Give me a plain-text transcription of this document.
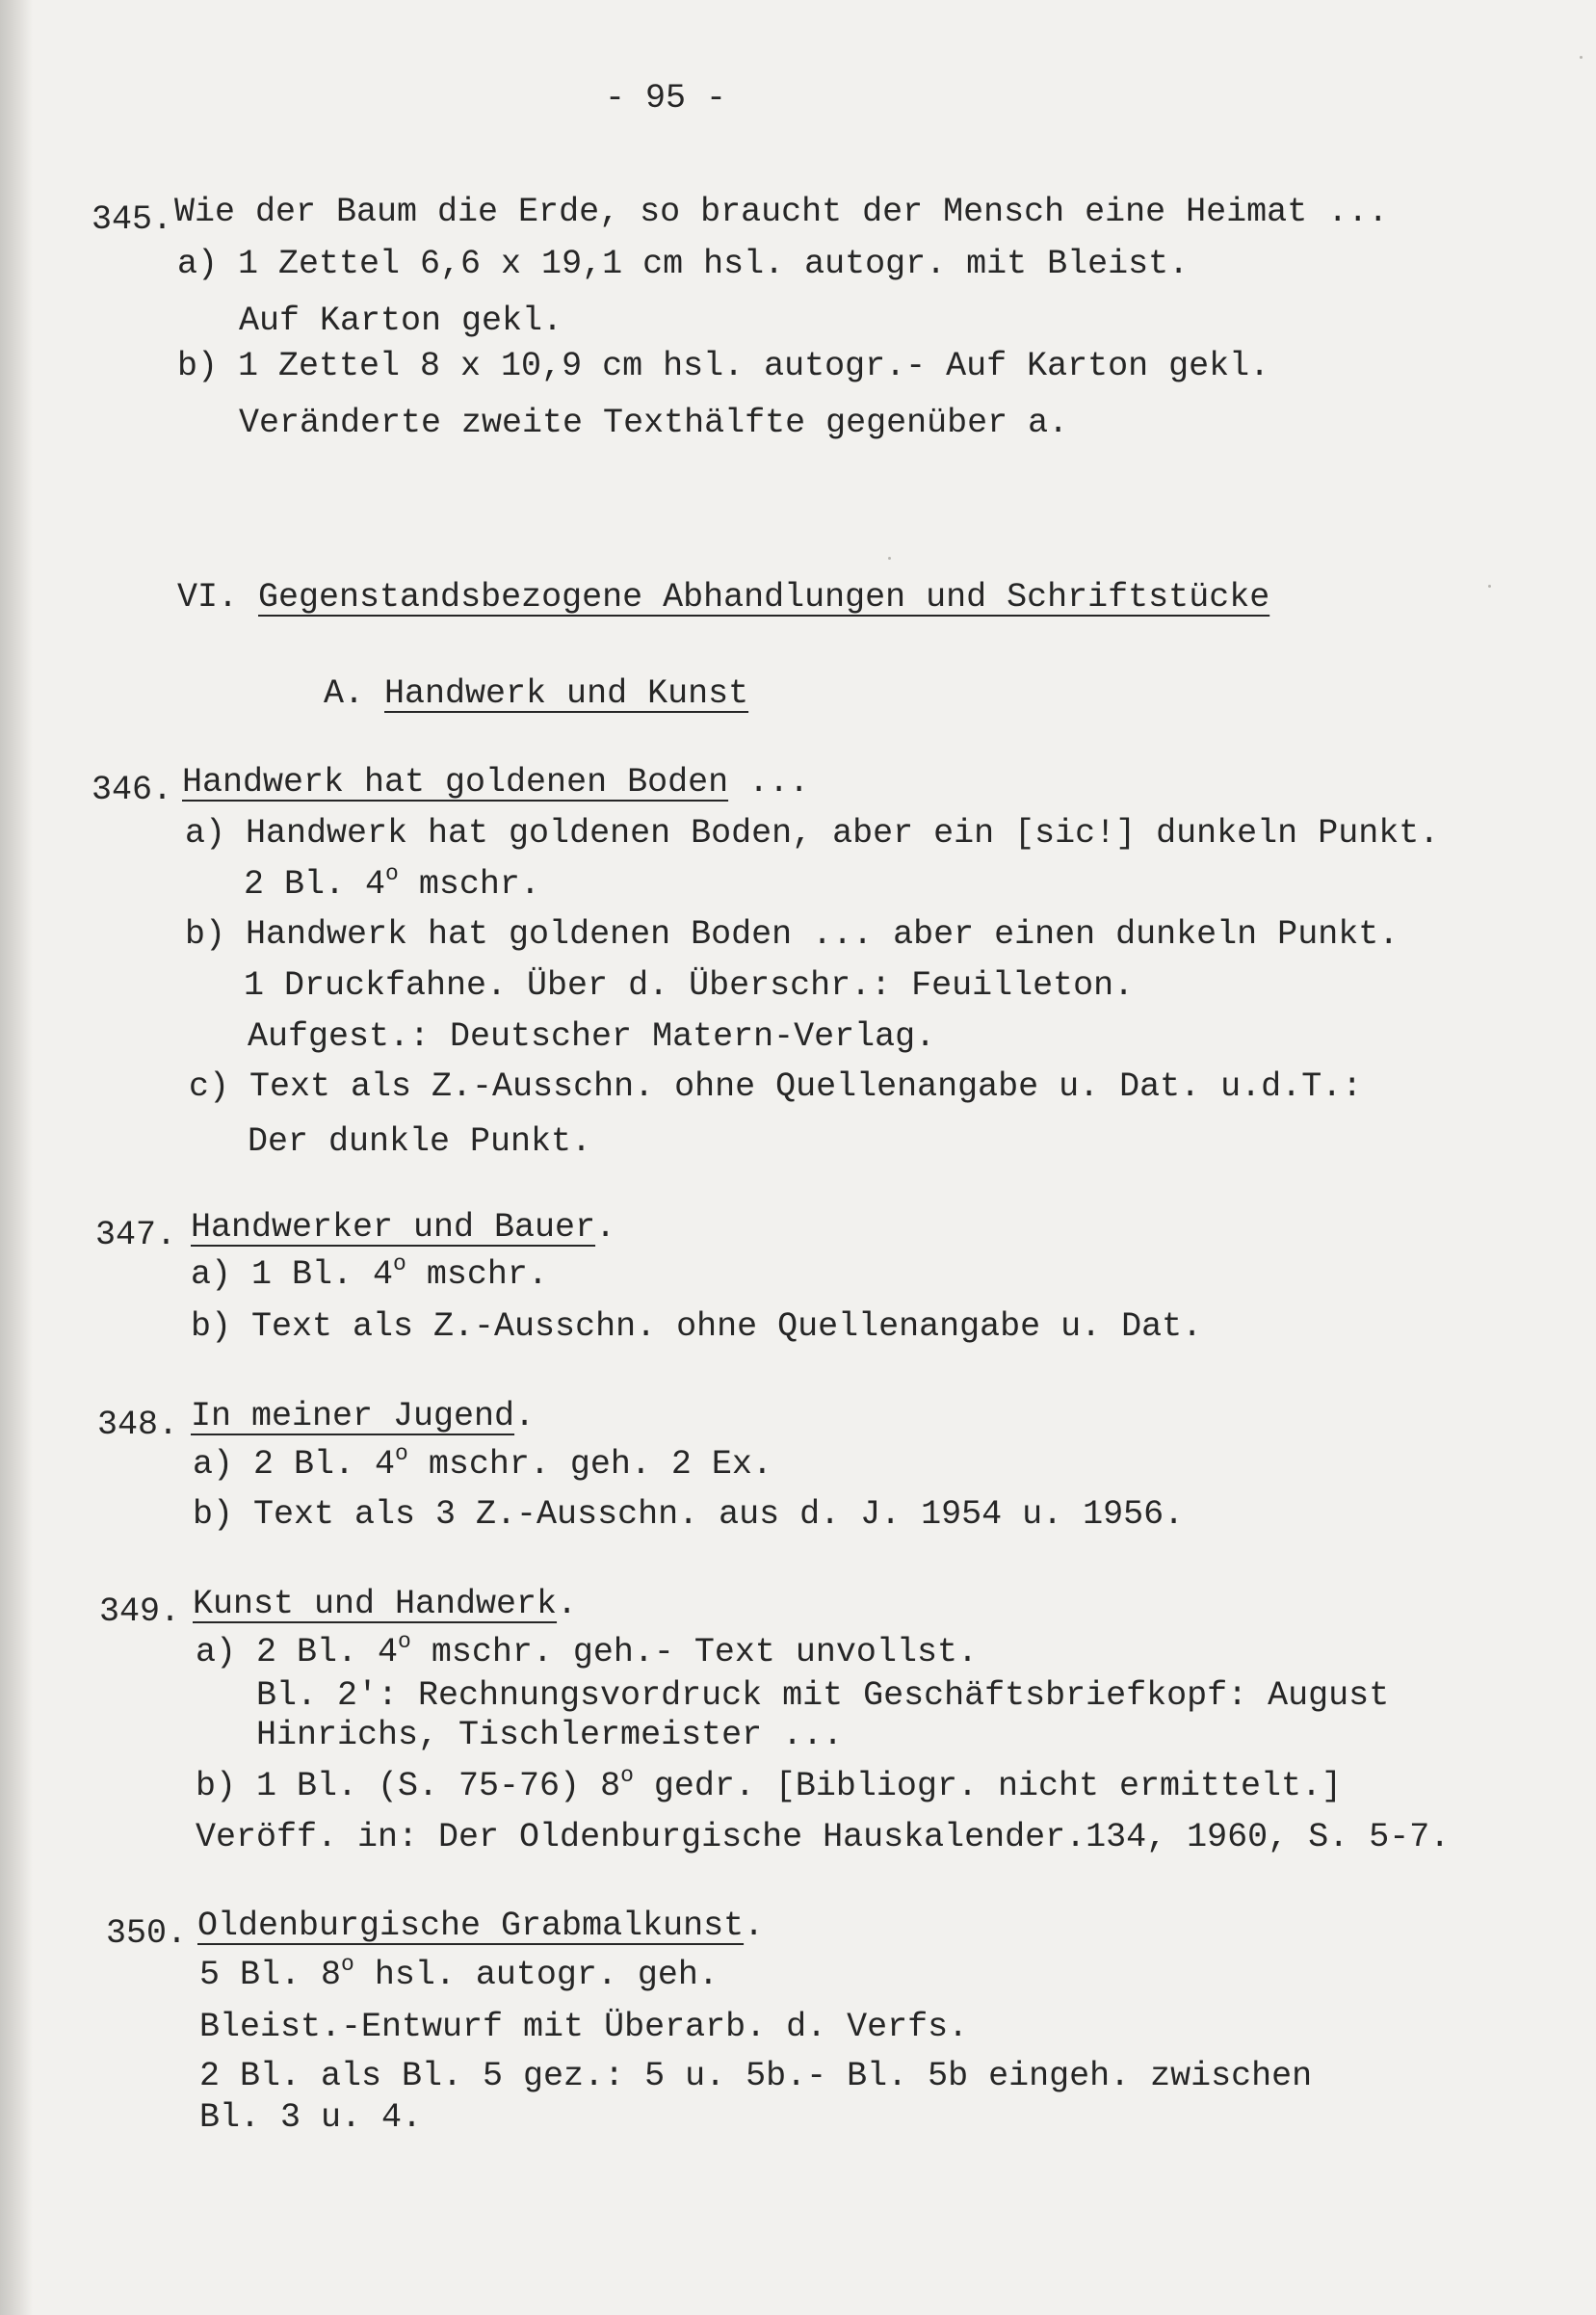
- 95 -
345. Wie der Baum die Erde, so braucht der Mensch eine Heimat ...
a) 1 Zettel 6,6 x 19,1 cm hsl. autogr. mit Bleist.
Auf Karton gekl.
b) 1 Zettel 8 x 10,9 cm hsl. autogr.- Auf Karton gekl.
Veränderte zweite Texthälfte gegenüber a.
VI. Gegenstandsbezogene Abhandlungen und Schriftstücke
A. Handwerk und Kunst
346. Handwerk hat goldenen Boden ...
a) Handwerk hat goldenen Boden, aber ein [sic!] dunkeln Punkt.
2 Bl. 4$^o$ mschr.
b) Handwerk hat goldenen Boden ... aber einen dunkeln Punkt.
1 Druckfahne. Über d. Überschr.: Feuilleton.
Aufgest.: Deutscher Matern-Verlag.
c) Text als Z.-Ausschn. ohne Quellenangabe u. Dat. u.d.T.:
Der dunkle Punkt.
347. Handwerker und Bauer.
a) 1 Bl. 4$^o$ mschr.
b) Text als Z.-Ausschn. ohne Quellenangabe u. Dat.
348. In meiner Jugend.
a) 2 Bl. 4$^o$ mschr. geh. 2 Ex.
b) Text als 3 Z.-Ausschn. aus d. J. 1954 u. 1956.
349. Kunst und Handwerk.
a) 2 Bl. 4$^o$ mschr. geh.- Text unvollst.
Bl. 2': Rechnungsvordruck mit Geschäftsbriefkopf: August
Hinrichs, Tischlermeister ...
b) 1 Bl. (S. 75-76) 8$^o$ gedr. [Bibliogr. nicht ermittelt.]
Veröff. in: Der Oldenburgische Hauskalender.134, 1960, S. 5-7.
350. Oldenburgische Grabmalkunst.
5 Bl. 8$^o$ hsl. autogr. geh.
Bleist.-Entwurf mit Überarb. d. Verfs.
2 Bl. als Bl. 5 gez.: 5 u. 5b.- Bl. 5b eingeh. zwischen
Bl. 3 u. 4.
